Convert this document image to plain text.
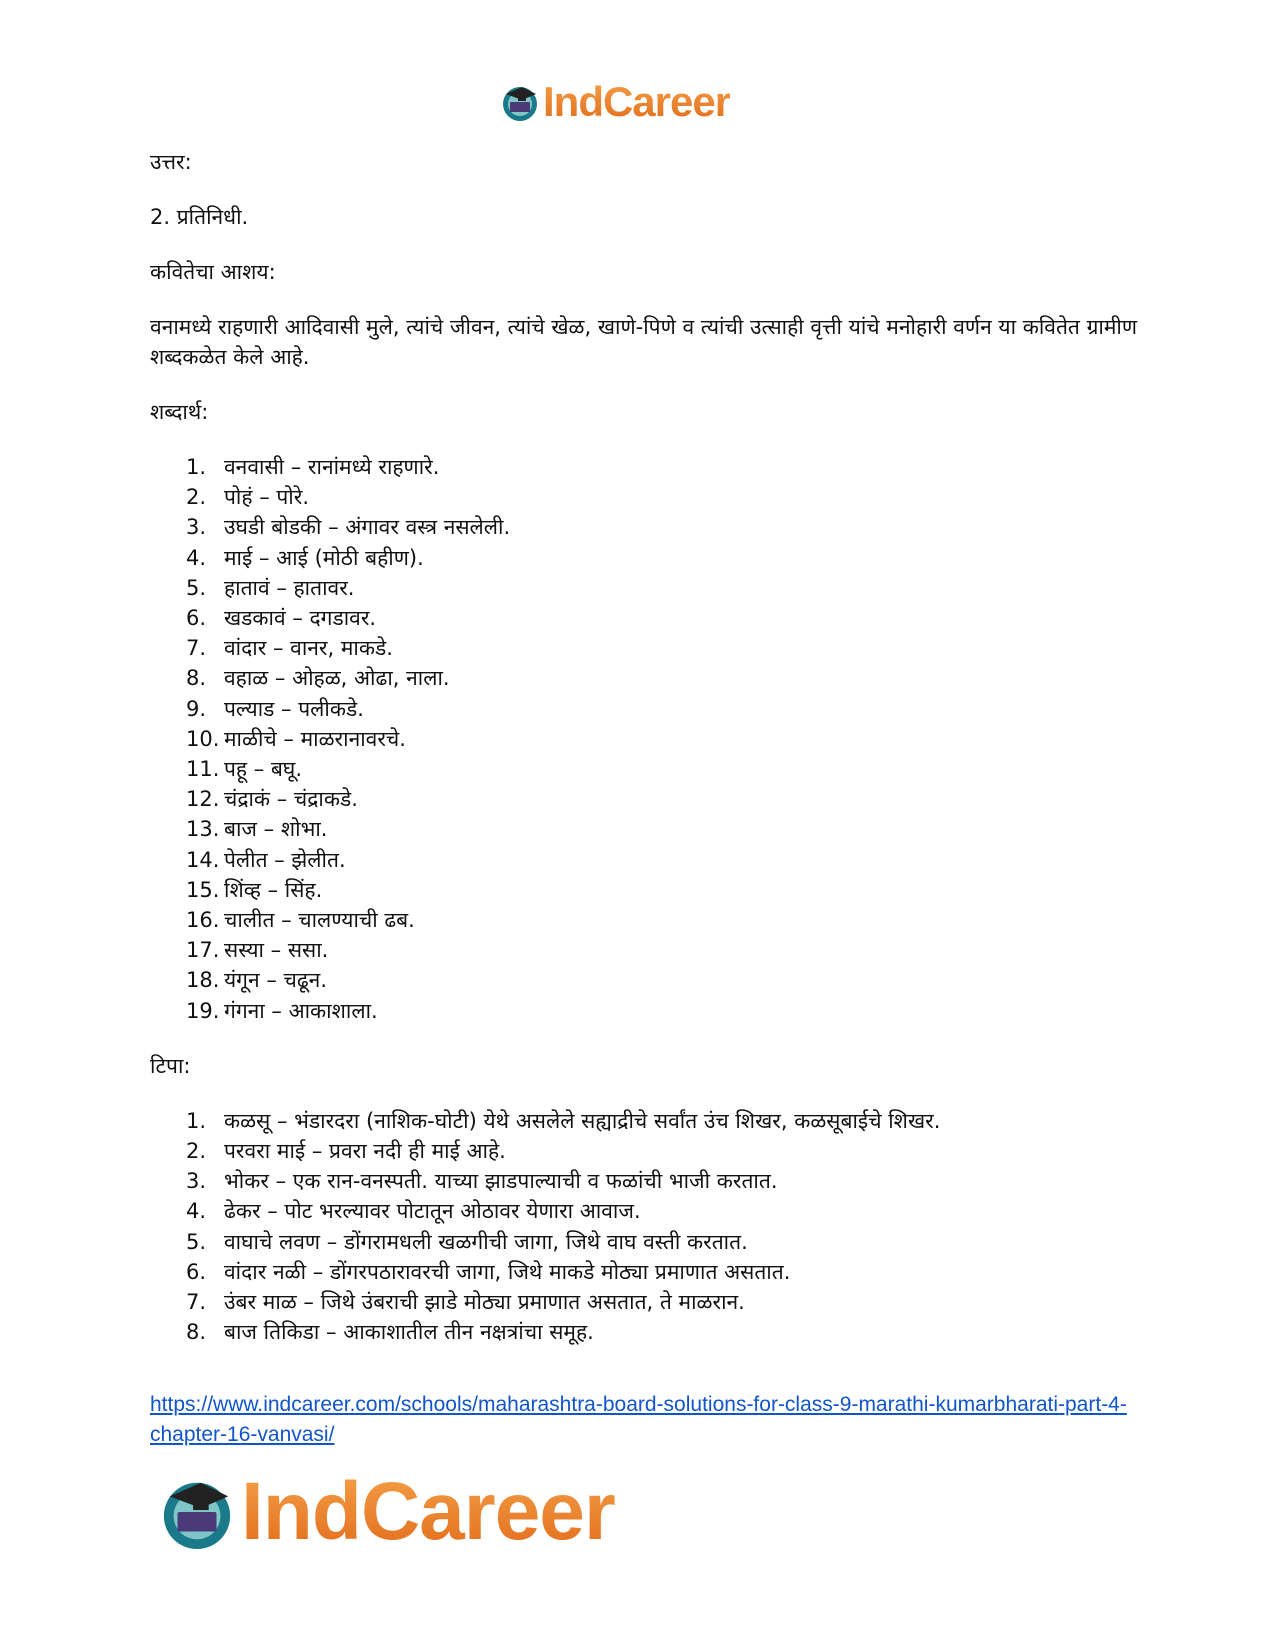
IndCareer

उत्तर:

2. प्रतिनिधी.

कवितेचा आशय:

वनामध्ये राहणारी आदिवासी मुले, त्यांचे जीवन, त्यांचे खेळ, खाणे-पिणे व त्यांची उत्साही वृत्ती यांचे मनोहारी वर्णन या कवितेत ग्रामीण शब्दकळेत केले आहे.

शब्दार्थ:

1. वनवासी – रानांमध्ये राहणारे.
2. पोहं – पोरे.
3. उघडी बोडकी – अंगावर वस्त्र नसलेली.
4. माई – आई (मोठी बहीण).
5. हातावं – हातावर.
6. खडकावं – दगडावर.
7. वांदार – वानर, माकडे.
8. वहाळ – ओहळ, ओढा, नाला.
9. पल्याड – पलीकडे.
10. माळीचे – माळरानावरचे.
11. पहू – बघू.
12. चंद्राकं – चंद्राकडे.
13. बाज – शोभा.
14. पेलीत – झेलीत.
15. शिंव्ह – सिंह.
16. चालीत – चालण्याची ढब.
17. सस्या – ससा.
18. यंगून – चढून.
19. गंगना – आकाशाला.

टिपा:

1. कळसू – भंडारदरा (नाशिक-घोटी) येथे असलेले सह्याद्रीचे सर्वांत उंच शिखर, कळसूबाईचे शिखर.
2. परवरा माई – प्रवरा नदी ही माई आहे.
3. भोकर – एक रान-वनस्पती. याच्या झाडपाल्याची व फळांची भाजी करतात.
4. ढेकर – पोट भरल्यावर पोटातून ओठावर येणारा आवाज.
5. वाघाचे लवण – डोंगरामधली खळगीची जागा, जिथे वाघ वस्ती करतात.
6. वांदार नळी – डोंगरपठारावरची जागा, जिथे माकडे मोठ्या प्रमाणात असतात.
7. उंबर माळ – जिथे उंबराची झाडे मोठ्या प्रमाणात असतात, ते माळरान.
8. बाज तिकिडा – आकाशातील तीन नक्षत्रांचा समूह.
https://www.indcareer.com/schools/maharashtra-board-solutions-for-class-9-marathi-kumarbharati-part-4-chapter-16-vanvasi/
IndCareer
